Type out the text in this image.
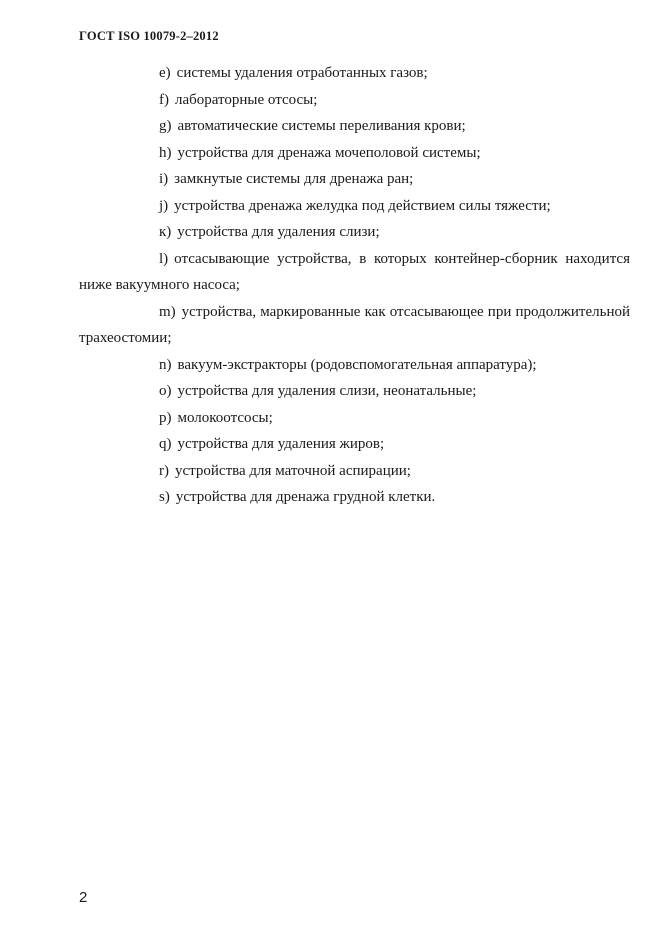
ГОСТ ISO 10079-2–2012

e) системы удаления отработанных газов;

f) лабораторные отсосы;

g) автоматические системы переливания крови;

h) устройства для дренажа мочеполовой системы;

i) замкнутые системы для дренажа ран;

j) устройства дренажа желудка под действием силы тяжести;

к) устройства для удаления слизи;

l) отсасывающие устройства, в которых контейнер-сборник находится ниже вакуумного насоса;

m) устройства, маркированные как отсасывающее при продолжительной трахеостомии;

n) вакуум-экстракторы (родовспомогательная аппаратура);

o) устройства для удаления слизи, неонатальные;

p) молокоотсосы;

q) устройства для удаления жиров;

r) устройства для маточной аспирации;

s) устройства для дренажа грудной клетки.

2
